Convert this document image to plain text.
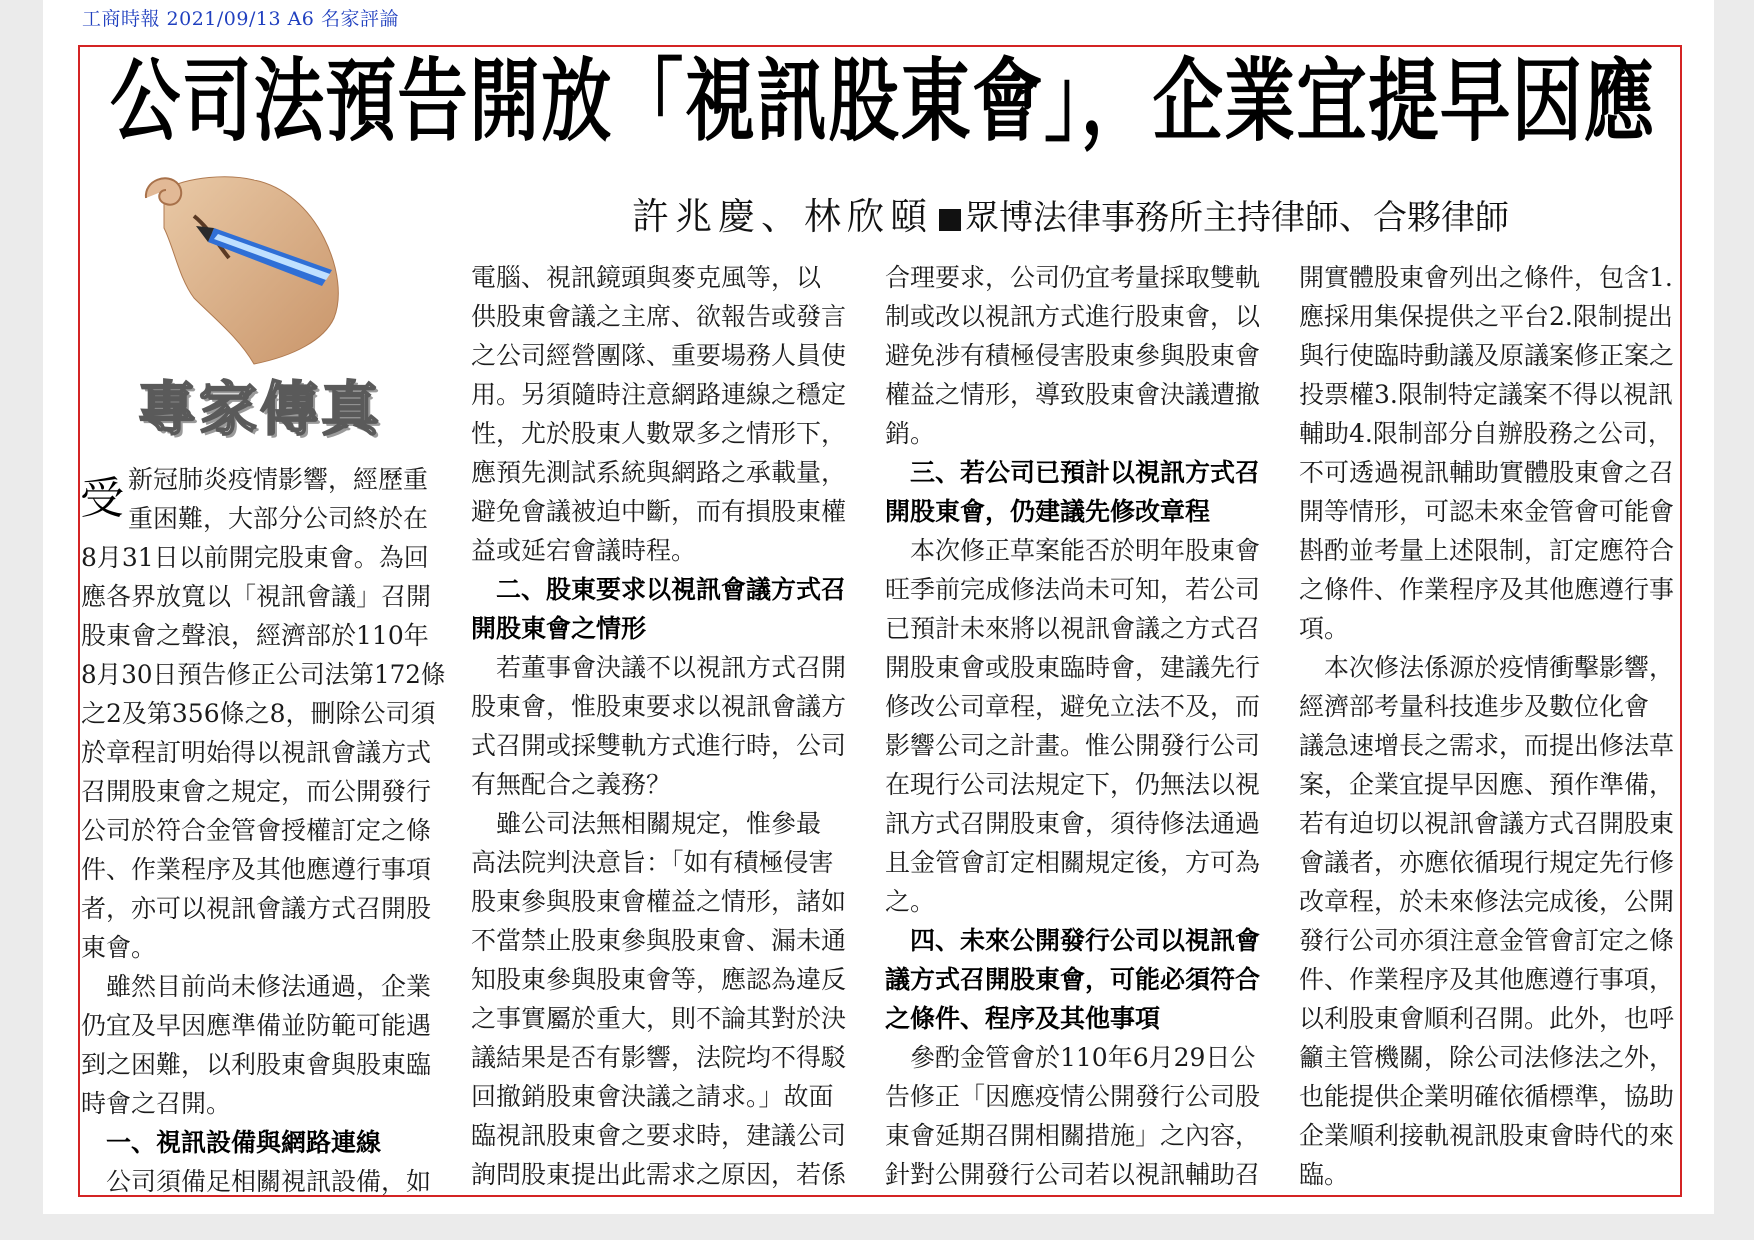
工商時報 2021/09/13 A6 名家評論
公司法預告開放「視訊股東會」，企業宜提早因應
許兆慶、林欣頤 眾博法律事務所主持律師、合夥律師
專家傳真
受 新冠肺炎疫情影響，經歷重
重困難，大部分公司終於在
8月31日以前開完股東會。為回
應各界放寬以「視訊會議」召開
股東會之聲浪，經濟部於110年
8月30日預告修正公司法第172條
之2及第356條之8，刪除公司須
於章程訂明始得以視訊會議方式
召開股東會之規定，而公開發行
公司於符合金管會授權訂定之條
件、作業程序及其他應遵行事項
者，亦可以視訊會議方式召開股
東會。
　雖然目前尚未修法通過，企業
仍宜及早因應準備並防範可能遇
到之困難，以利股東會與股東臨
時會之召開。
　一、視訊設備與網路連線
　公司須備足相關視訊設備，如
電腦、視訊鏡頭與麥克風等，以
供股東會議之主席、欲報告或發言
之公司經營團隊、重要場務人員使
用。另須隨時注意網路連線之穩定
性，尤於股東人數眾多之情形下，
應預先測試系統與網路之承載量，
避免會議被迫中斷，而有損股東權
益或延宕會議時程。
　二、股東要求以視訊會議方式召
開股東會之情形
　若董事會決議不以視訊方式召開
股東會，惟股東要求以視訊會議方
式召開或採雙軌方式進行時，公司
有無配合之義務？
　雖公司法無相關規定，惟參最
高法院判決意旨：「如有積極侵害
股東參與股東會權益之情形，諸如
不當禁止股東參與股東會、漏未通
知股東參與股東會等，應認為違反
之事實屬於重大，則不論其對於決
議結果是否有影響，法院均不得駁
回撤銷股東會決議之請求。」故面
臨視訊股東會之要求時，建議公司
詢問股東提出此需求之原因，若係
合理要求，公司仍宜考量採取雙軌
制或改以視訊方式進行股東會，以
避免涉有積極侵害股東參與股東會
權益之情形，導致股東會決議遭撤
銷。
　三、若公司已預計以視訊方式召
開股東會，仍建議先修改章程
　本次修正草案能否於明年股東會
旺季前完成修法尚未可知，若公司
已預計未來將以視訊會議之方式召
開股東會或股東臨時會，建議先行
修改公司章程，避免立法不及，而
影響公司之計畫。惟公開發行公司
在現行公司法規定下，仍無法以視
訊方式召開股東會，須待修法通過
且金管會訂定相關規定後，方可為
之。
　四、未來公開發行公司以視訊會
議方式召開股東會，可能必須符合
之條件、程序及其他事項
　參酌金管會於110年6月29日公
告修正「因應疫情公開發行公司股
東會延期召開相關措施」之內容，
針對公開發行公司若以視訊輔助召
開實體股東會列出之條件，包含1.
應採用集保提供之平台2.限制提出
與行使臨時動議及原議案修正案之
投票權3.限制特定議案不得以視訊
輔助4.限制部分自辦股務之公司，
不可透過視訊輔助實體股東會之召
開等情形，可認未來金管會可能會
斟酌並考量上述限制，訂定應符合
之條件、作業程序及其他應遵行事
項。
　本次修法係源於疫情衝擊影響，
經濟部考量科技進步及數位化會
議急速增長之需求，而提出修法草
案，企業宜提早因應、預作準備，
若有迫切以視訊會議方式召開股東
會議者，亦應依循現行規定先行修
改章程，於未來修法完成後，公開
發行公司亦須注意金管會訂定之條
件、作業程序及其他應遵行事項，
以利股東會順利召開。此外，也呼
籲主管機關，除公司法修法之外，
也能提供企業明確依循標準，協助
企業順利接軌視訊股東會時代的來
臨。
